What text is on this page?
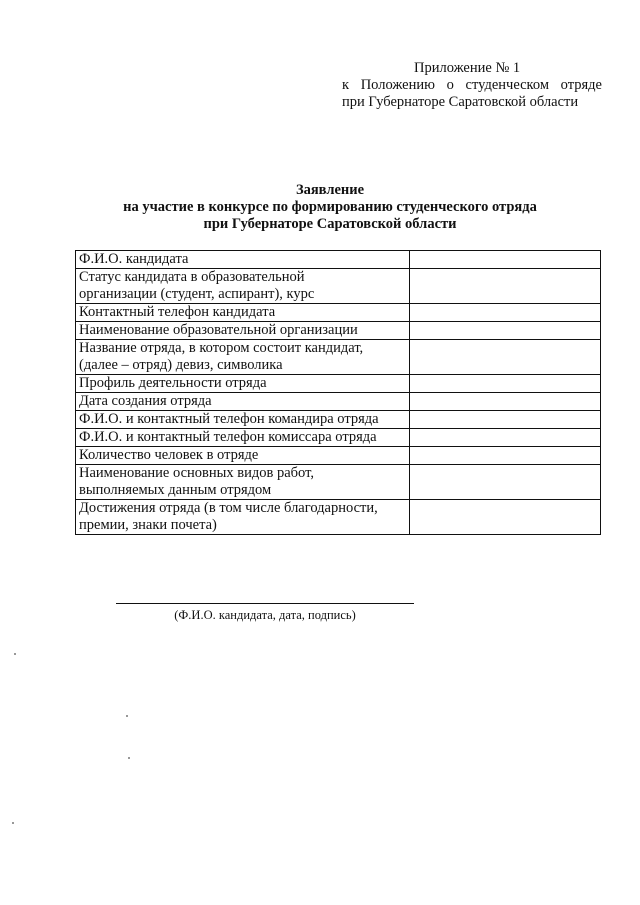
Приложение № 1
к Положению о студенческом отряде
при Губернаторе Саратовской области
Заявление
на участие в конкурсе по формированию студенческого отряда
при Губернаторе Саратовской области
Ф.И.О. кандидата	

Статус кандидата в образовательной
организации (студент, аспирант), курс	

Контактный телефон кандидата	

Наименование образовательной организации	

Название отряда, в котором состоит кандидат,
(далее – отряд) девиз, символика	

Профиль деятельности отряда	

Дата создания отряда	

Ф.И.О. и контактный телефон командира отряда	

Ф.И.О. и контактный телефон комиссара отряда	

Количество человек в отряде	

Наименование основных видов работ,
выполняемых данным отрядом	

Достижения отряда (в том числе благодарности,
премии, знаки почета)	

(Ф.И.О. кандидата, дата, подпись)
